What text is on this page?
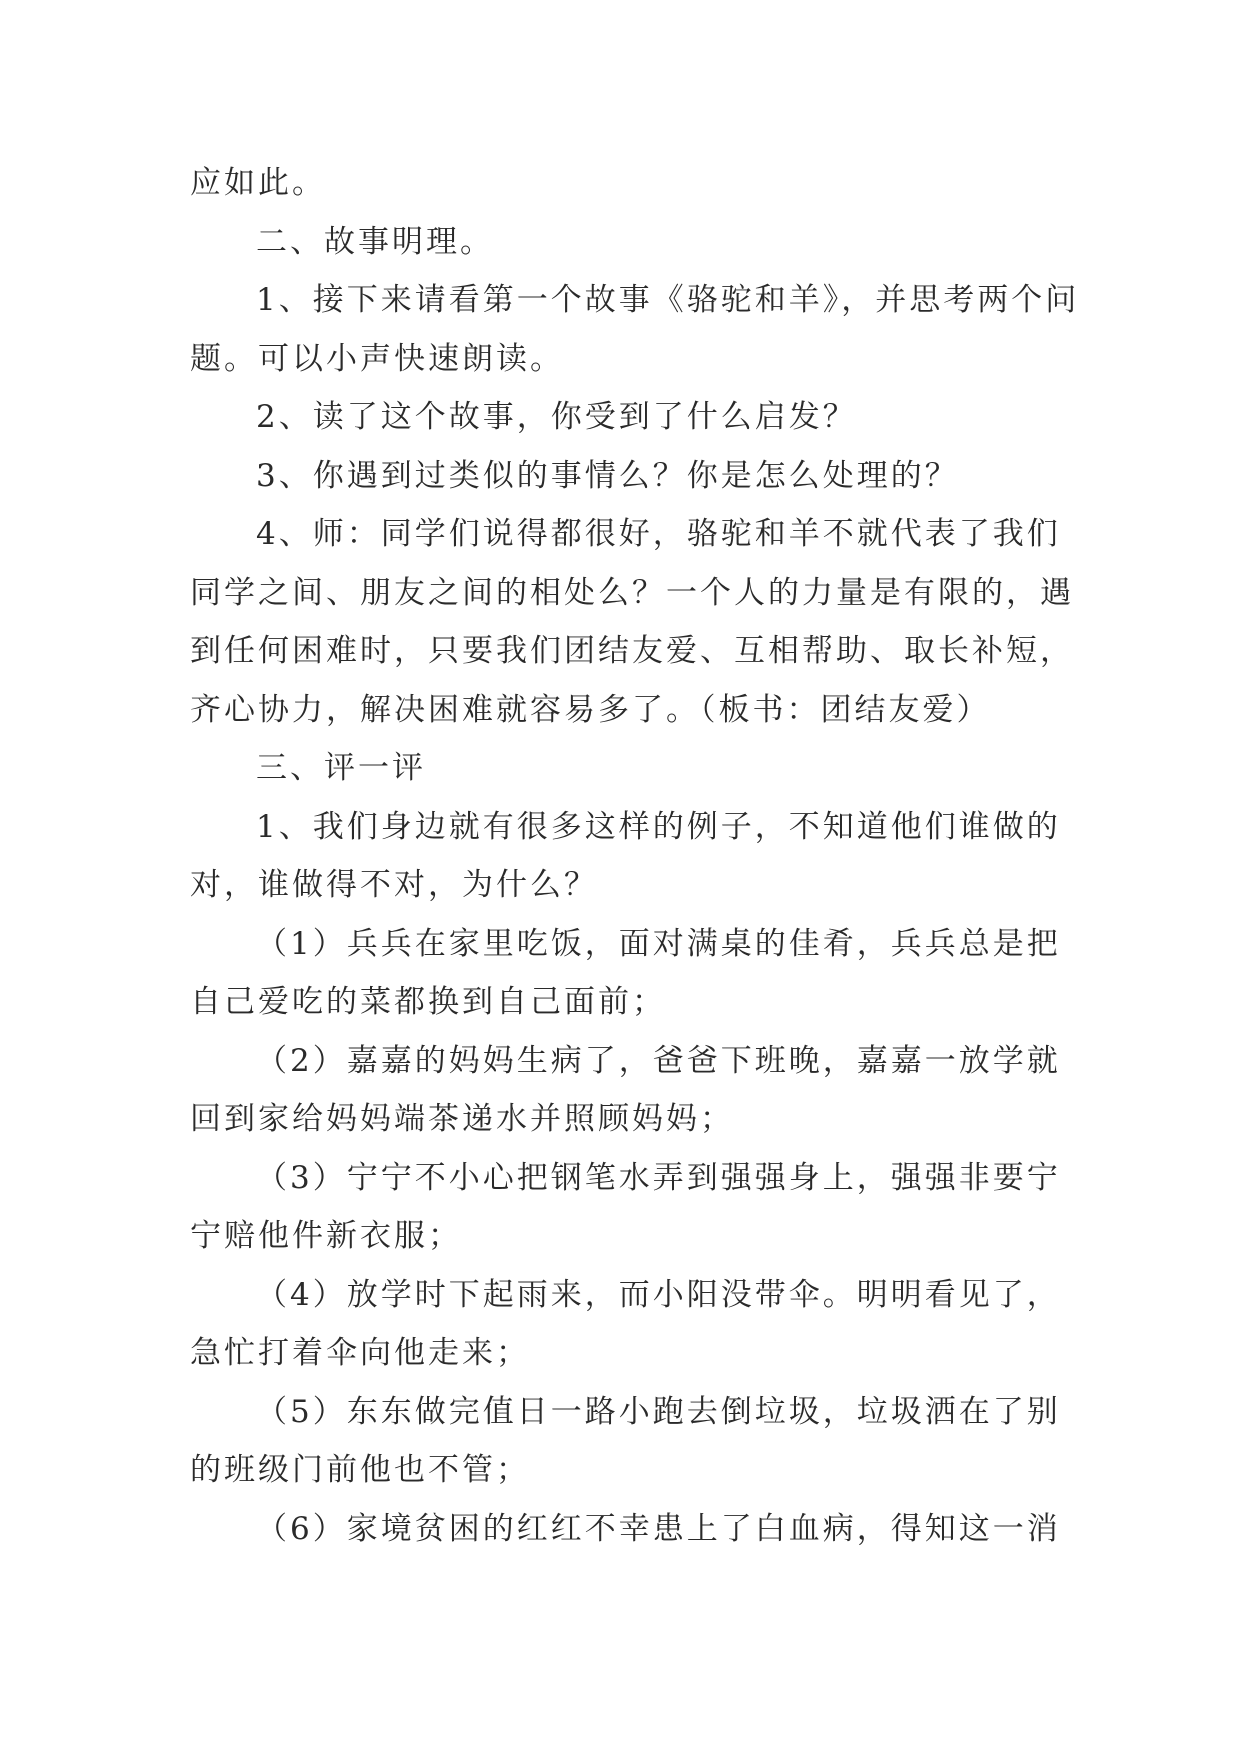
应如此。
二、故事明理。
1、接下来请看第一个故事《骆驼和羊》，并思考两个问
题。可以小声快速朗读。
2、读了这个故事，你受到了什么启发？
3、你遇到过类似的事情么？你是怎么处理的？
4、师：同学们说得都很好，骆驼和羊不就代表了我们
同学之间、朋友之间的相处么？一个人的力量是有限的，遇
到任何困难时，只要我们团结友爱、互相帮助、取长补短，
齐心协力，解决困难就容易多了。（板书：团结友爱）
三、评一评
1、我们身边就有很多这样的例子，不知道他们谁做的
对，谁做得不对，为什么？
（1）兵兵在家里吃饭，面对满桌的佳肴，兵兵总是把
自己爱吃的菜都换到自己面前；
（2）嘉嘉的妈妈生病了，爸爸下班晚，嘉嘉一放学就
回到家给妈妈端茶递水并照顾妈妈；
（3）宁宁不小心把钢笔水弄到强强身上，强强非要宁
宁赔他件新衣服；
（4）放学时下起雨来，而小阳没带伞。明明看见了，
急忙打着伞向他走来；
（5）东东做完值日一路小跑去倒垃圾，垃圾洒在了别
的班级门前他也不管；
（6）家境贫困的红红不幸患上了白血病，得知这一消
